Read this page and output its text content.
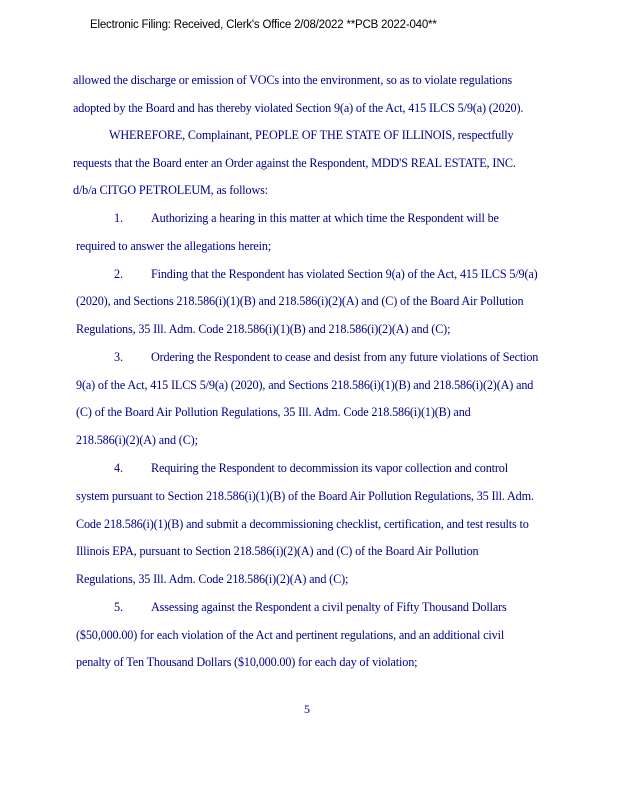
Electronic Filing: Received, Clerk's Office 2/08/2022 **PCB 2022-040**
allowed the discharge or emission of VOCs into the environment, so as to violate regulations
adopted by the Board and has thereby violated Section 9(a) of the Act, 415 ILCS 5/9(a) (2020).
WHEREFORE, Complainant, PEOPLE OF THE STATE OF ILLINOIS, respectfully
requests that the Board enter an Order against the Respondent, MDD'S REAL ESTATE, INC.
d/b/a CITGO PETROLEUM, as follows:
1. Authorizing a hearing in this matter at which time the Respondent will be
required to answer the allegations herein;
2. Finding that the Respondent has violated Section 9(a) of the Act, 415 ILCS 5/9(a)
(2020), and Sections 218.586(i)(1)(B) and 218.586(i)(2)(A) and (C) of the Board Air Pollution
Regulations, 35 Ill. Adm. Code 218.586(i)(1)(B) and 218.586(i)(2)(A) and (C);
3. Ordering the Respondent to cease and desist from any future violations of Section
9(a) of the Act, 415 ILCS 5/9(a) (2020), and Sections 218.586(i)(1)(B) and 218.586(i)(2)(A) and
(C) of the Board Air Pollution Regulations, 35 Ill. Adm. Code 218.586(i)(1)(B) and
218.586(i)(2)(A) and (C);
4. Requiring the Respondent to decommission its vapor collection and control
system pursuant to Section 218.586(i)(1)(B) of the Board Air Pollution Regulations, 35 Ill. Adm.
Code 218.586(i)(1)(B) and submit a decommissioning checklist, certification, and test results to
Illinois EPA, pursuant to Section 218.586(i)(2)(A) and (C) of the Board Air Pollution
Regulations, 35 Ill. Adm. Code 218.586(i)(2)(A) and (C);
5. Assessing against the Respondent a civil penalty of Fifty Thousand Dollars
($50,000.00) for each violation of the Act and pertinent regulations, and an additional civil
penalty of Ten Thousand Dollars ($10,000.00) for each day of violation;
5
